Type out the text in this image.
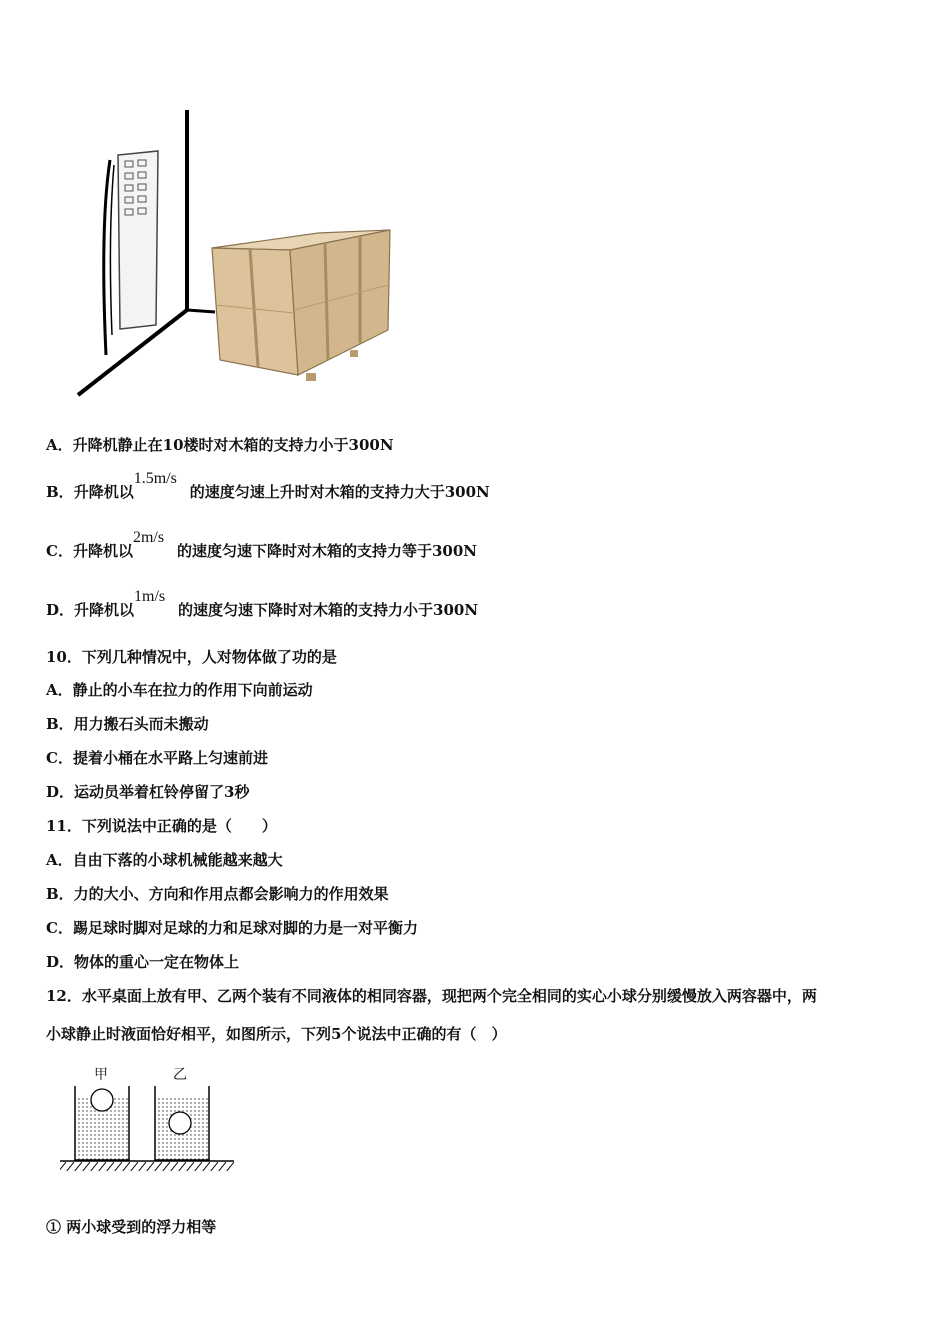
A．升降机静止在10楼时对木箱的支持力小于300N
B．升降机以
1.5m/s
的速度匀速上升时对木箱的支持力大于300N
C．升降机以
2m/s
的速度匀速下降时对木箱的支持力等于300N
D．升降机以
1m/s
的速度匀速下降时对木箱的支持力小于300N
10．下列几种情况中，人对物体做了功的是
A．静止的小车在拉力的作用下向前运动
B．用力搬石头而未搬动
C．提着小桶在水平路上匀速前进
D．运动员举着杠铃停留了3秒
11．下列说法中正确的是（　　）
A．自由下落的小球机械能越来越大
B．力的大小、方向和作用点都会影响力的作用效果
C．踢足球时脚对足球的力和足球对脚的力是一对平衡力
D．物体的重心一定在物体上
12．水平桌面上放有甲、乙两个装有不同液体的相同容器，现把两个完全相同的实心小球分别缓慢放入两容器中，两
小球静止时液面恰好相平，如图所示，下列5个说法中正确的有（　）
甲	乙
① 两小球受到的浮力相等
